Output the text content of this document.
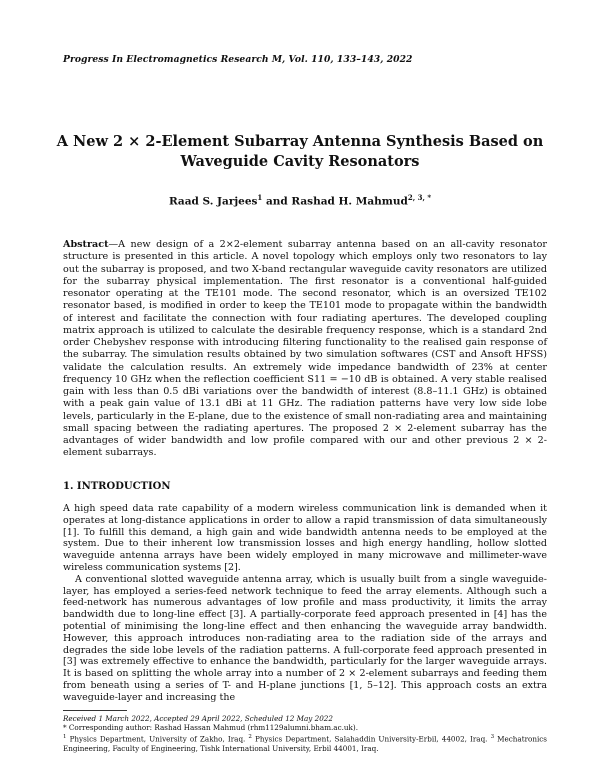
Progress In Electromagnetics Research M, Vol. 110, 133–143, 2022
A New 2 × 2-Element Subarray Antenna Synthesis Based on
Waveguide Cavity Resonators
Raad S. Jarjees$^1$ and Rashad H. Mahmud$^{2, 3, *}$
Abstract—A new design of a 2×2-element subarray antenna based on an all-cavity resonator structure is presented in this article. A novel topology which employs only two resonators to lay out the subarray is proposed, and two X-band rectangular waveguide cavity resonators are utilized for the subarray physical implementation. The first resonator is a conventional half-guided resonator operating at the TE101 mode. The second resonator, which is an oversized TE102 resonator based, is modified in order to keep the TE101 mode to propagate within the bandwidth of interest and facilitate the connection with four radiating apertures. The developed coupling matrix approach is utilized to calculate the desirable frequency response, which is a standard 2nd order Chebyshev response with introducing filtering functionality to the realised gain response of the subarray. The simulation results obtained by two simulation softwares (CST and Ansoft HFSS) validate the calculation results. An extremely wide impedance bandwidth of 23% at center frequency 10 GHz when the reflection coefficient S11 = −10 dB is obtained. A very stable realised gain with less than 0.5 dBi variations over the bandwidth of interest (8.8–11.1 GHz) is obtained with a peak gain value of 13.1 dBi at 11 GHz. The radiation patterns have very low side lobe levels, particularly in the E-plane, due to the existence of small non-radiating area and maintaining small spacing between the radiating apertures. The proposed 2 × 2-element subarray has the advantages of wider bandwidth and low profile compared with our and other previous 2 × 2-element subarrays.
1. INTRODUCTION

A high speed data rate capability of a modern wireless communication link is demanded when it operates at long-distance applications in order to allow a rapid transmission of data simultaneously [1]. To fulfill this demand, a high gain and wide bandwidth antenna needs to be employed at the system. Due to their inherent low transmission losses and high energy handling, hollow slotted waveguide antenna arrays have been widely employed in many microwave and millimeter-wave wireless communication systems [2].

A conventional slotted waveguide antenna array, which is usually built from a single waveguide-layer, has employed a series-feed network technique to feed the array elements. Although such a feed-network has numerous advantages of low profile and mass productivity, it limits the array bandwidth due to long-line effect [3]. A partially-corporate feed approach presented in [4] has the potential of minimising the long-line effect and then enhancing the waveguide array bandwidth. However, this approach introduces non-radiating area to the radiation side of the arrays and degrades the side lobe levels of the radiation patterns. A full-corporate feed approach presented in [3] was extremely effective to enhance the bandwidth, particularly for the larger waveguide arrays. It is based on splitting the whole array into a number of 2 × 2-element subarrays and feeding them from beneath using a series of T- and H-plane junctions [1, 5–12]. This approach costs an extra waveguide-layer and increasing the

Received 1 March 2022, Accepted 29 April 2022, Scheduled 12 May 2022
* Corresponding author: Rashad Hassan Mahmud (rhm1129alumni.bham.ac.uk).
$^1$ Physics Department, University of Zakho, Iraq. $^2$ Physics Department, Salahaddin University-Erbil, 44002, Iraq. $^3$ Mechatronics Engineering, Faculty of Engineering, Tishk International University, Erbil 44001, Iraq.
